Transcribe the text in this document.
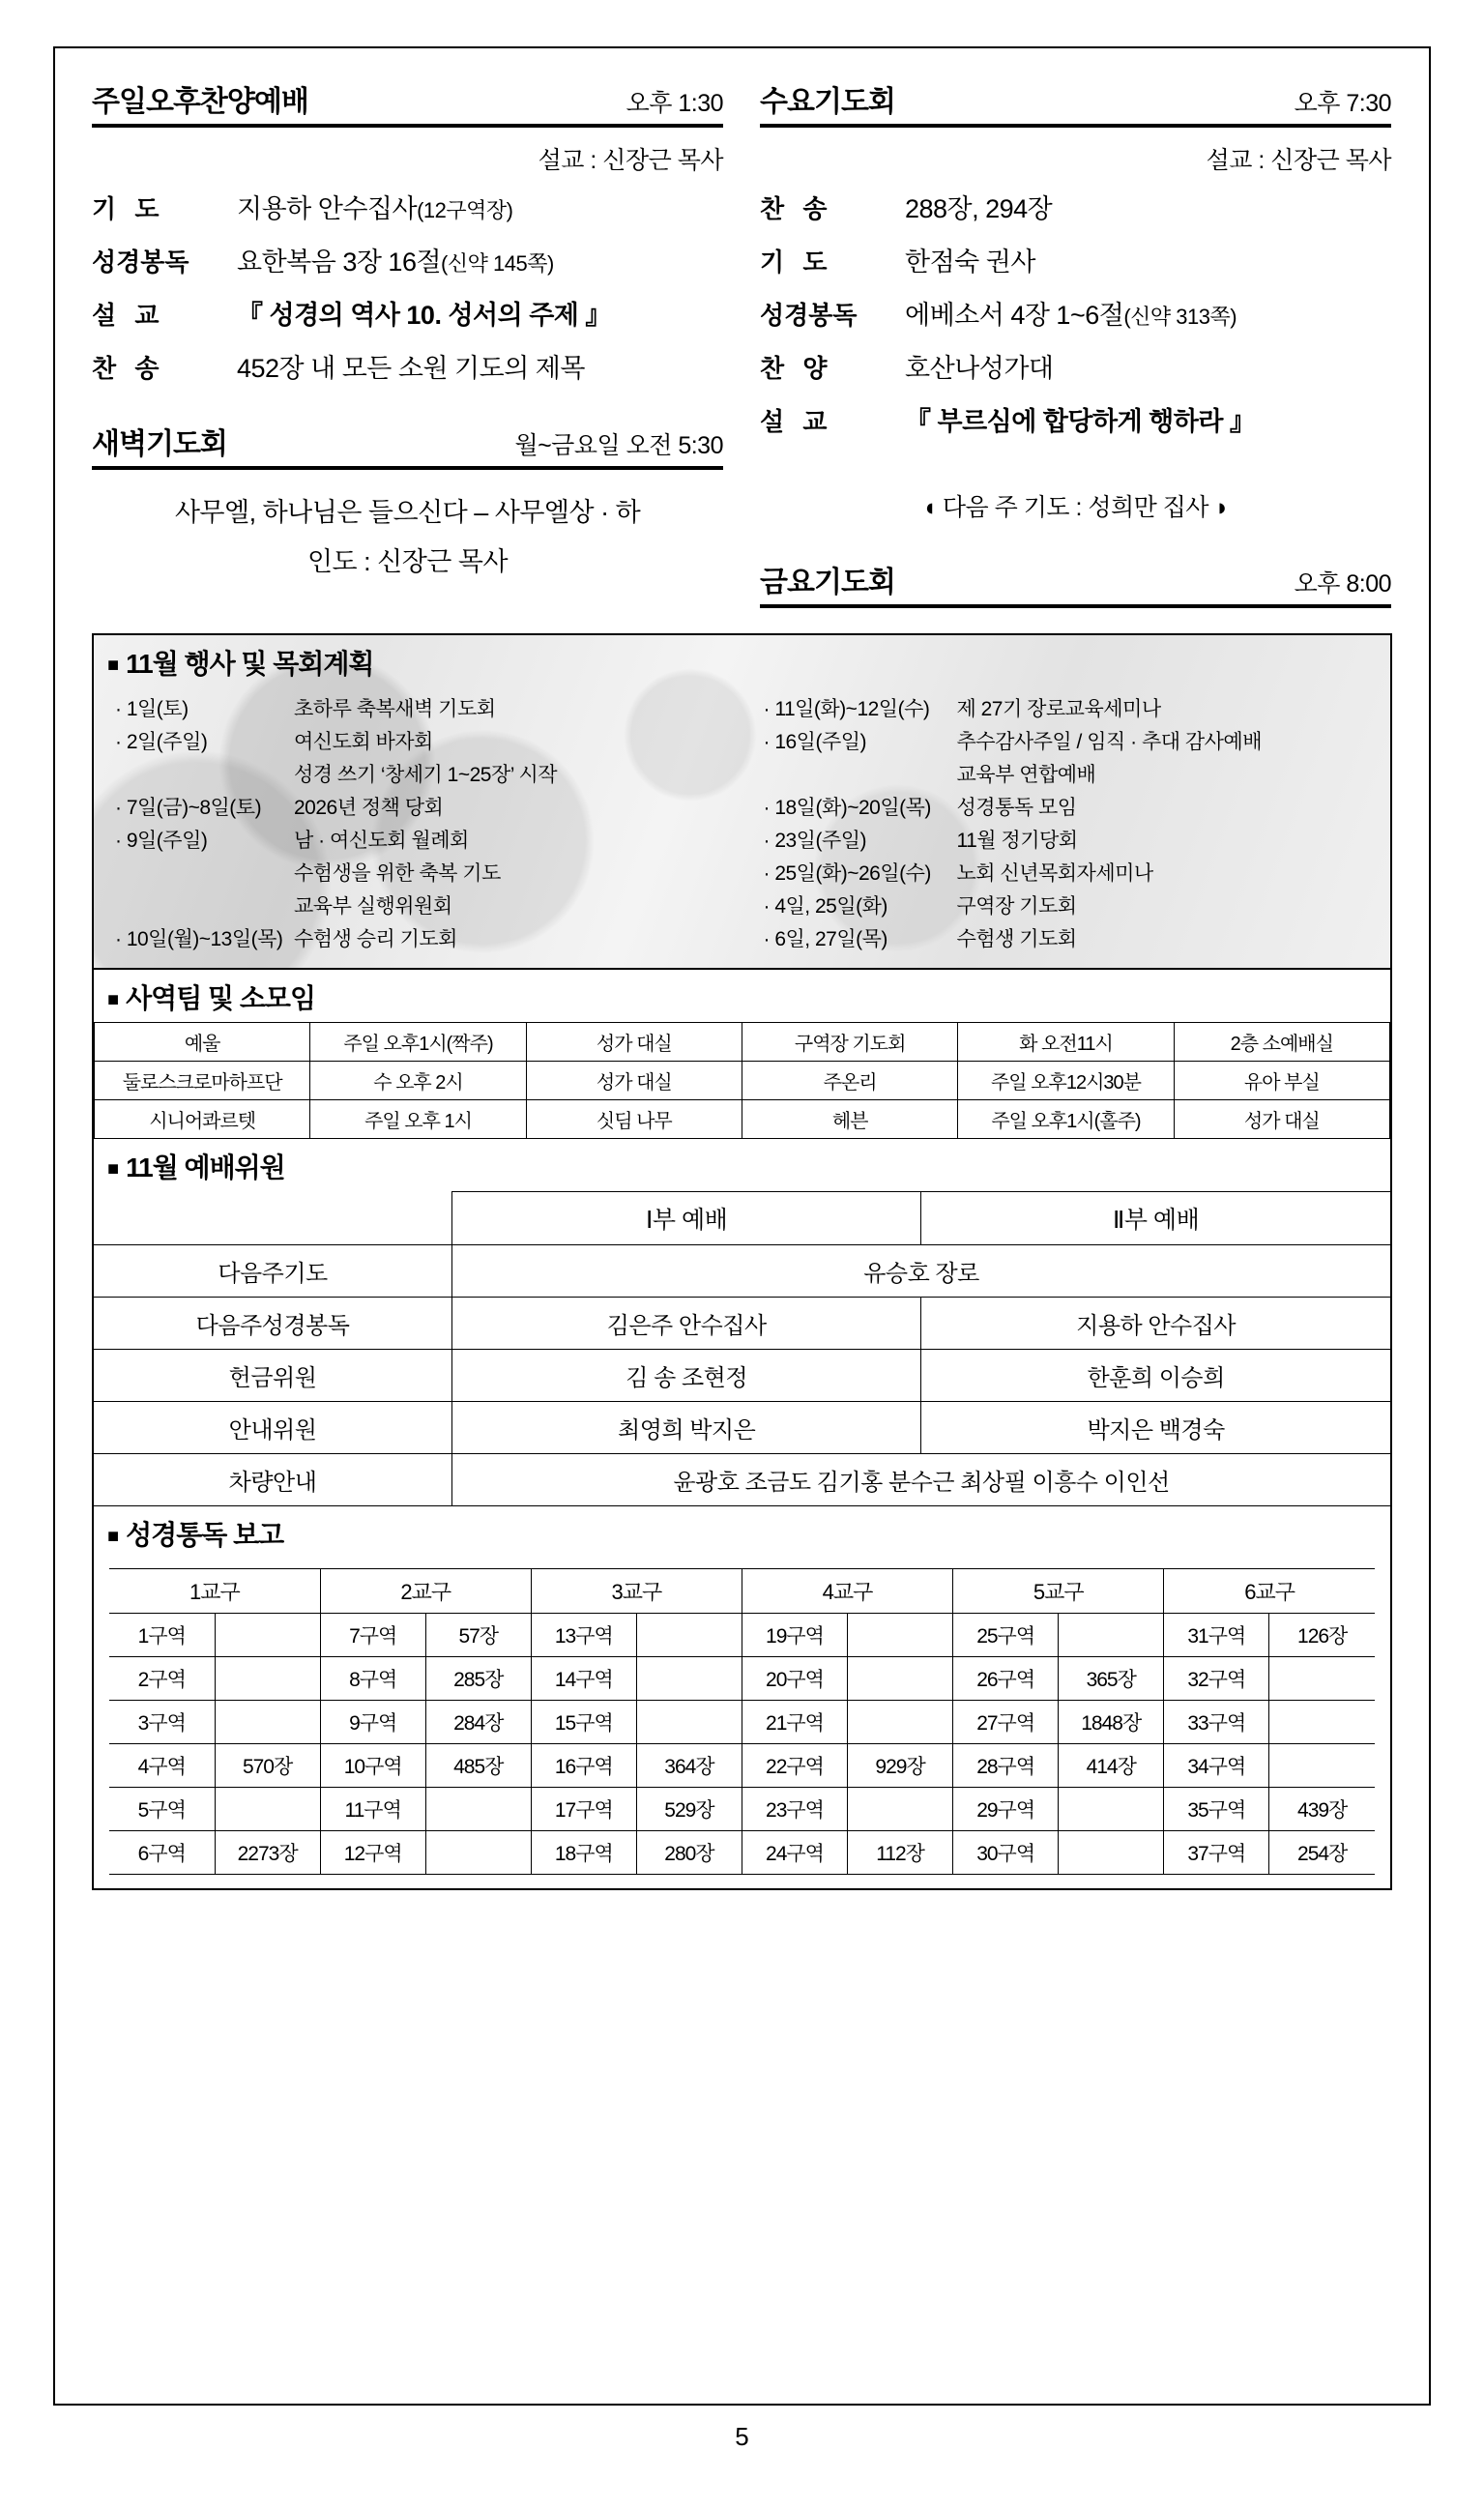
주일오후찬양예배	오후 1:30
설교 : 신장근 목사
기 도	지용하 안수집사(12구역장)
성경봉독	요한복음 3장 16절(신약 145쪽)
설 교	『 성경의 역사 10. 성서의 주제 』
찬 송	452장 내 모든 소원 기도의 제목
새벽기도회	월~금요일 오전 5:30
사무엘, 하나님은 들으신다 – 사무엘상 · 하
인도 : 신장근 목사
수요기도회	오후 7:30
설교 : 신장근 목사
찬 송	288장, 294장
기 도	한점숙 권사
성경봉독	에베소서 4장 1~6절(신약 313쪽)
찬 양	호산나성가대
설 교	『 부르심에 합당하게 행하라 』
◖ 다음 주 기도 : 성희만 집사 ◗
금요기도회	오후 8:00
■ 11월 행사 및 목회계획
· 1일(토)	초하루 축복새벽 기도회
· 2일(주일)	여신도회 바자회
성경 쓰기 ‘창세기 1~25장’ 시작
· 7일(금)~8일(토)	2026년 정책 당회
· 9일(주일)	남 · 여신도회 월례회
수험생을 위한 축복 기도
교육부 실행위원회
· 10일(월)~13일(목) 수험생 승리 기도회
· 11일(화)~12일(수)	제 27기 장로교육세미나
· 16일(주일)	추수감사주일 / 임직 · 추대 감사예배
교육부 연합예배
· 18일(화)~20일(목)	성경통독 모임
· 23일(주일)	11월 정기당회
· 25일(화)~26일(수)	노회 신년목회자세미나
· 4일, 25일(화)	구역장 기도회
· 6일, 27일(목)	수험생 기도회
■ 사역팀 및 소모임
예울	주일 오후1시(짝주)	성가 대실	구역장 기도회	화 오전11시	2층 소예배실
둘로스크로마하프단	수 오후 2시	성가 대실	주온리	주일 오후12시30분	유아 부실
시니어콰르텟	주일 오후 1시	싯딤 나무	헤븐	주일 오후1시(홀주)	성가 대실
■ 11월 예배위원
	Ⅰ부 예배	Ⅱ부 예배
다음주기도	유승호 장로	
다음주성경봉독	김은주 안수집사	지용하 안수집사
헌금위원	김 송 조현정	한훈희 이승희
안내위원	최영희 박지은	박지은 백경숙
차량안내	윤광호 조금도 김기홍 분수근 최상필 이흥수 이인선	
■ 성경통독 보고
1교구		2교구		3교구		4교구		5교구		6교구	
1구역		7구역	57장	13구역		19구역		25구역		31구역	126장
2구역		8구역	285장	14구역		20구역		26구역	365장	32구역	
3구역		9구역	284장	15구역		21구역		27구역	1848장	33구역	
4구역	570장	10구역	485장	16구역	364장	22구역	929장	28구역	414장	34구역	
5구역		11구역		17구역	529장	23구역		29구역		35구역	439장
6구역	2273장	12구역		18구역	280장	24구역	112장	30구역		37구역	254장
5
